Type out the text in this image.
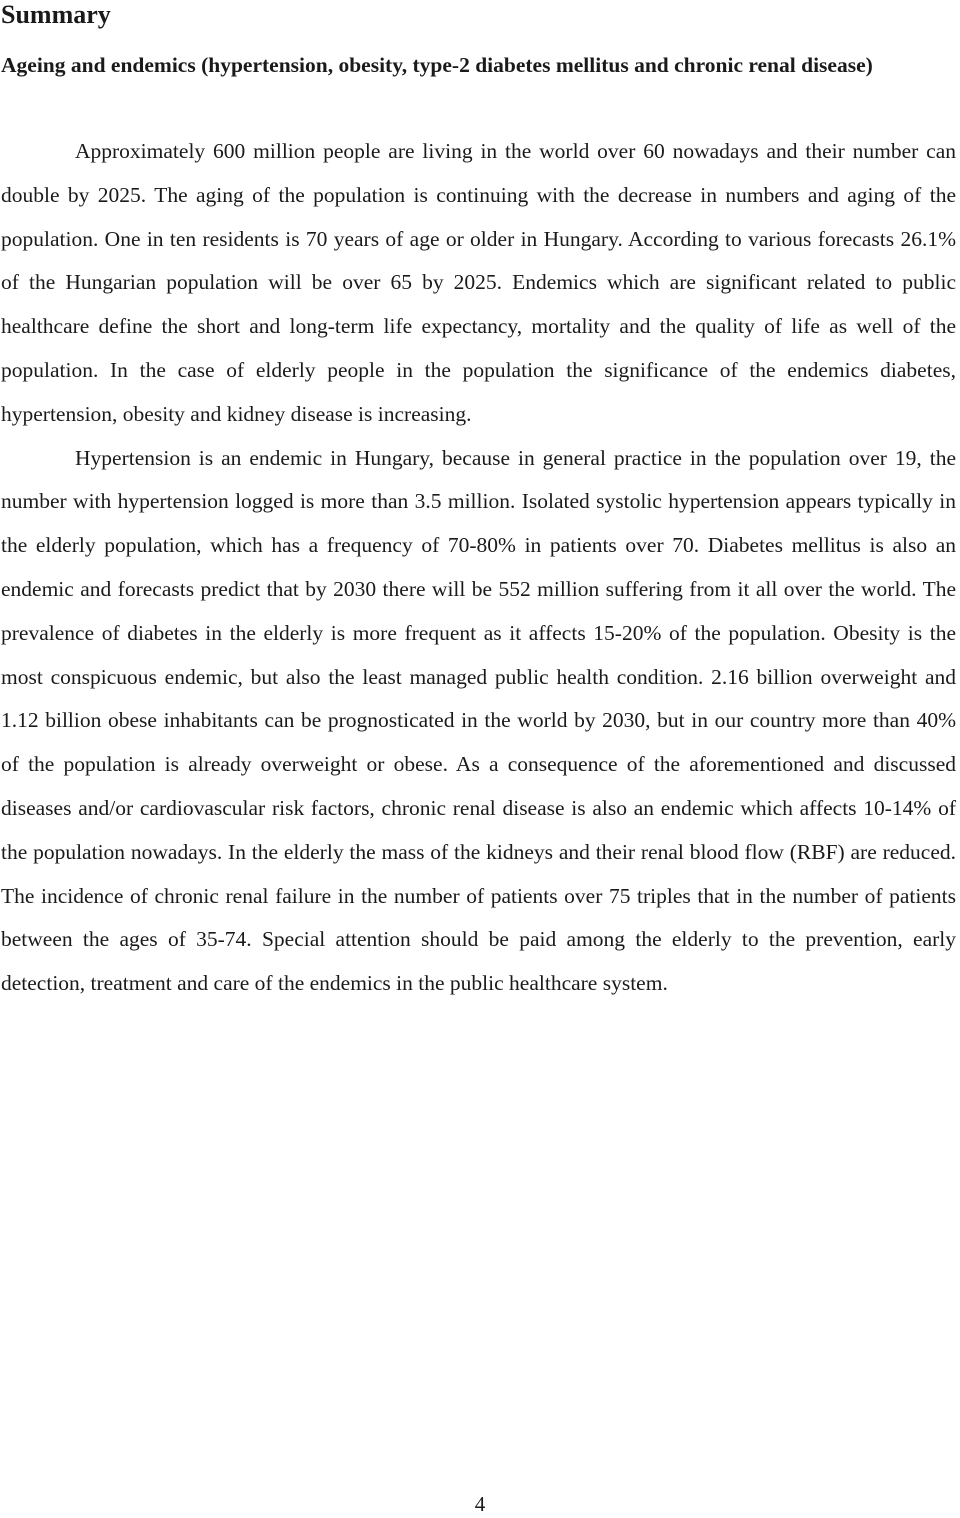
Summary
Ageing and endemics (hypertension, obesity, type-2 diabetes mellitus and chronic renal disease)

Approximately 600 million people are living in the world over 60 nowadays and their number can double by 2025. The aging of the population is continuing with the decrease in numbers and aging of the population. One in ten residents is 70 years of age or older in Hungary. According to various forecasts 26.1% of the Hungarian population will be over 65 by 2025. Endemics which are significant related to public healthcare define the short and long-term life expectancy, mortality and the quality of life as well of the population. In the case of elderly people in the population the significance of the endemics diabetes, hypertension, obesity and kidney disease is increasing.

Hypertension is an endemic in Hungary, because in general practice in the population over 19, the number with hypertension logged is more than 3.5 million. Isolated systolic hypertension appears typically in the elderly population, which has a frequency of 70-80% in patients over 70. Diabetes mellitus is also an endemic and forecasts predict that by 2030 there will be 552 million suffering from it all over the world. The prevalence of diabetes in the elderly is more frequent as it affects 15-20% of the population. Obesity is the most conspicuous endemic, but also the least managed public health condition. 2.16 billion overweight and 1.12 billion obese inhabitants can be prognosticated in the world by 2030, but in our country more than 40% of the population is already overweight or obese. As a consequence of the aforementioned and discussed diseases and/or cardiovascular risk factors, chronic renal disease is also an endemic which affects 10-14% of the population nowadays. In the elderly the mass of the kidneys and their renal blood flow (RBF) are reduced. The incidence of chronic renal failure in the number of patients over 75 triples that in the number of patients between the ages of 35-74. Special attention should be paid among the elderly to the prevention, early detection, treatment and care of the endemics in the public healthcare system.

4
